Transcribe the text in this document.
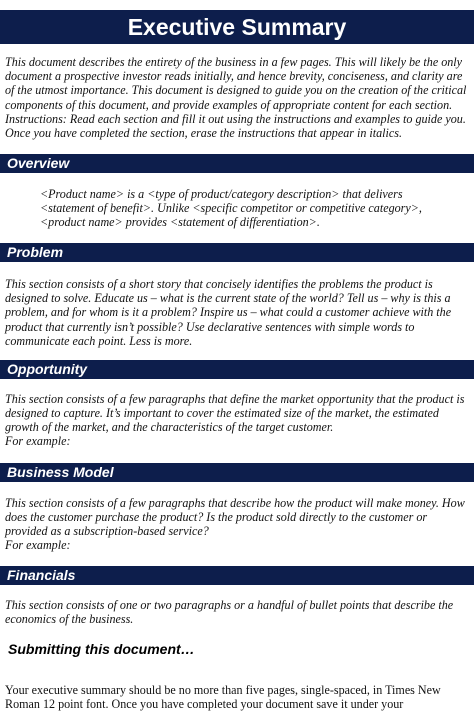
Executive Summary

This document describes the entirety of the business in a few pages. This will likely be the only document a prospective investor reads initially, and hence brevity, conciseness, and clarity are of the utmost importance. This document is designed to guide you on the creation of the critical components of this document, and provide examples of appropriate content for each section. Instructions: Read each section and fill it out using the instructions and examples to guide you. Once you have completed the section, erase the instructions that appear in italics.

Overview

<Product name> is a <type of product/category description> that delivers <statement of benefit>. Unlike <specific competitor or competitive category>, <product name> provides <statement of differentiation>.

Problem

This section consists of a short story that concisely identifies the problems the product is designed to solve. Educate us – what is the current state of the world? Tell us – why is this a problem, and for whom is it a problem? Inspire us – what could a customer achieve with the product that currently isn’t possible? Use declarative sentences with simple words to communicate each point. Less is more.

Opportunity

This section consists of a few paragraphs that define the market opportunity that the product is designed to capture. It’s important to cover the estimated size of the market, the estimated growth of the market, and the characteristics of the target customer.

For example:

Business Model

This section consists of a few paragraphs that describe how the product will make money. How does the customer purchase the product? Is the product sold directly to the customer or provided as a subscription-based service?

For example:

Financials

This section consists of one or two paragraphs or a handful of bullet points that describe the economics of the business.

Submitting this document…

Your executive summary should be no more than five pages, single-spaced, in Times New Roman 12 point font. Once you have completed your document save it under your
